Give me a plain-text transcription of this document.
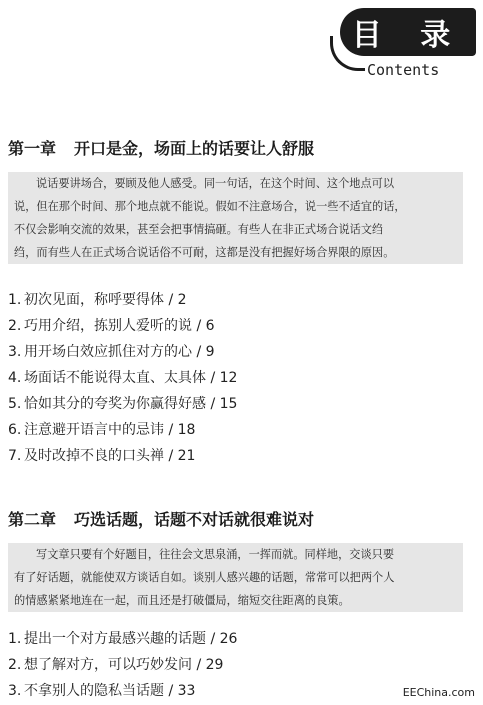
目 录
Contents
第一章 开口是金，场面上的话要让人舒服
说话要讲场合，要顾及他人感受。同一句话，在这个时间、这个地点可以
说，但在那个时间、那个地点就不能说。假如不注意场合，说一些不适宜的话，
不仅会影响交流的效果，甚至会把事情搞砸。有些人在非正式场合说话文绉
绉，而有些人在正式场合说话俗不可耐，这都是没有把握好场合界限的原因。
1. 初次见面，称呼要得体 / 2
2. 巧用介绍，拣别人爱听的说 / 6
3. 用开场白效应抓住对方的心 / 9
4. 场面话不能说得太直、太具体 / 12
5. 恰如其分的夸奖为你赢得好感 / 15
6. 注意避开语言中的忌讳 / 18
7. 及时改掉不良的口头禅 / 21
第二章 巧选话题，话题不对话就很难说对
写文章只要有个好题目，往往会文思泉涌，一挥而就。同样地，交谈只要
有了好话题，就能使双方谈话自如。谈别人感兴趣的话题，常常可以把两个人
的情感紧紧地连在一起，而且还是打破僵局，缩短交往距离的良策。
1. 提出一个对方最感兴趣的话题 / 26
2. 想了解对方，可以巧妙发问 / 29
3. 不拿别人的隐私当话题 / 33	EEChina.com
